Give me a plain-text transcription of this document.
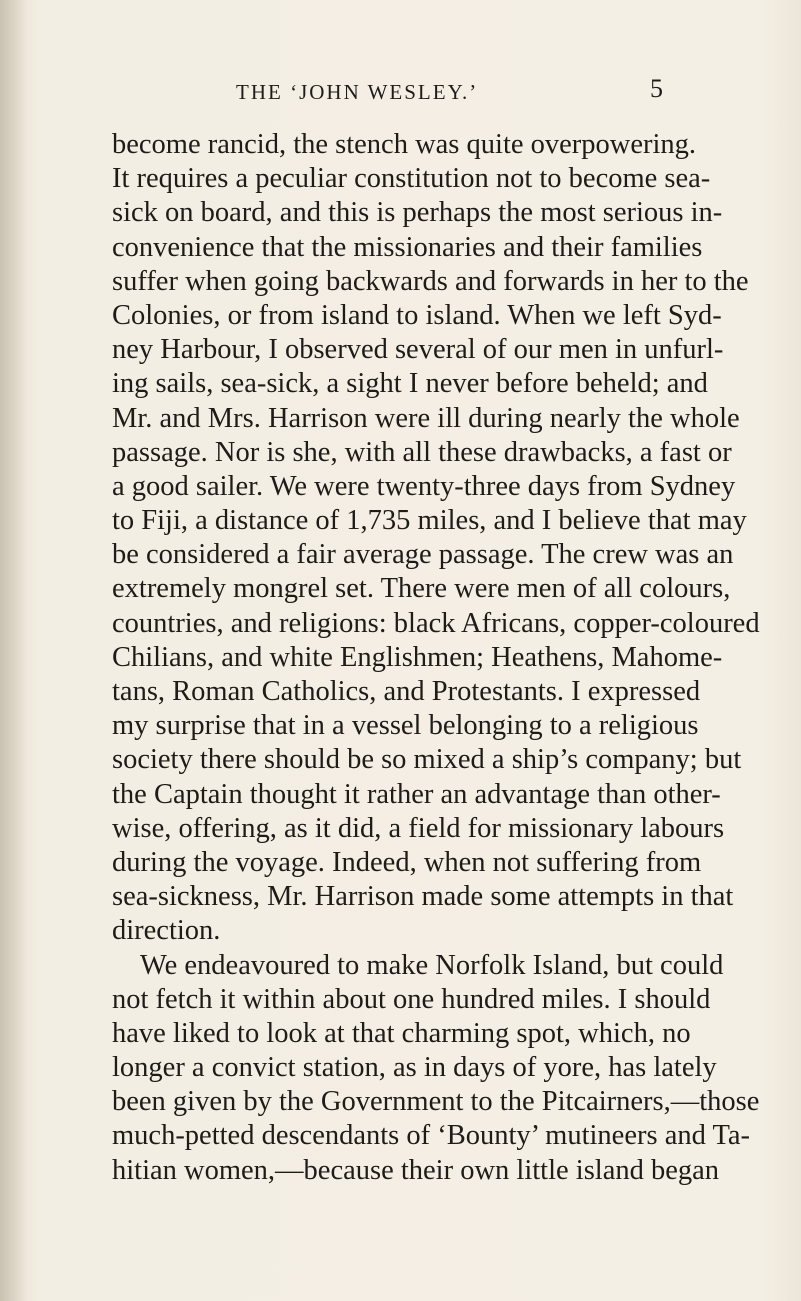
THE ‘JOHN WESLEY.’	5
become rancid, the stench was quite overpowering.
It requires a peculiar constitution not to become sea-
sick on board, and this is perhaps the most serious in-
convenience that the missionaries and their families
suffer when going backwards and forwards in her to the
Colonies, or from island to island. When we left Syd-
ney Harbour, I observed several of our men in unfurl-
ing sails, sea-sick, a sight I never before beheld; and
Mr. and Mrs. Harrison were ill during nearly the whole
passage. Nor is she, with all these drawbacks, a fast or
a good sailer. We were twenty-three days from Sydney
to Fiji, a distance of 1,735 miles, and I believe that may
be considered a fair average passage. The crew was an
extremely mongrel set. There were men of all colours,
countries, and religions: black Africans, copper-coloured
Chilians, and white Englishmen; Heathens, Mahome-
tans, Roman Catholics, and Protestants. I expressed
my surprise that in a vessel belonging to a religious
society there should be so mixed a ship’s company; but
the Captain thought it rather an advantage than other-
wise, offering, as it did, a field for missionary labours
during the voyage. Indeed, when not suffering from
sea-sickness, Mr. Harrison made some attempts in that
direction.
We endeavoured to make Norfolk Island, but could
not fetch it within about one hundred miles. I should
have liked to look at that charming spot, which, no
longer a convict station, as in days of yore, has lately
been given by the Government to the Pitcairners,—those
much-petted descendants of ‘Bounty’ mutineers and Ta-
hitian women,—because their own little island began
